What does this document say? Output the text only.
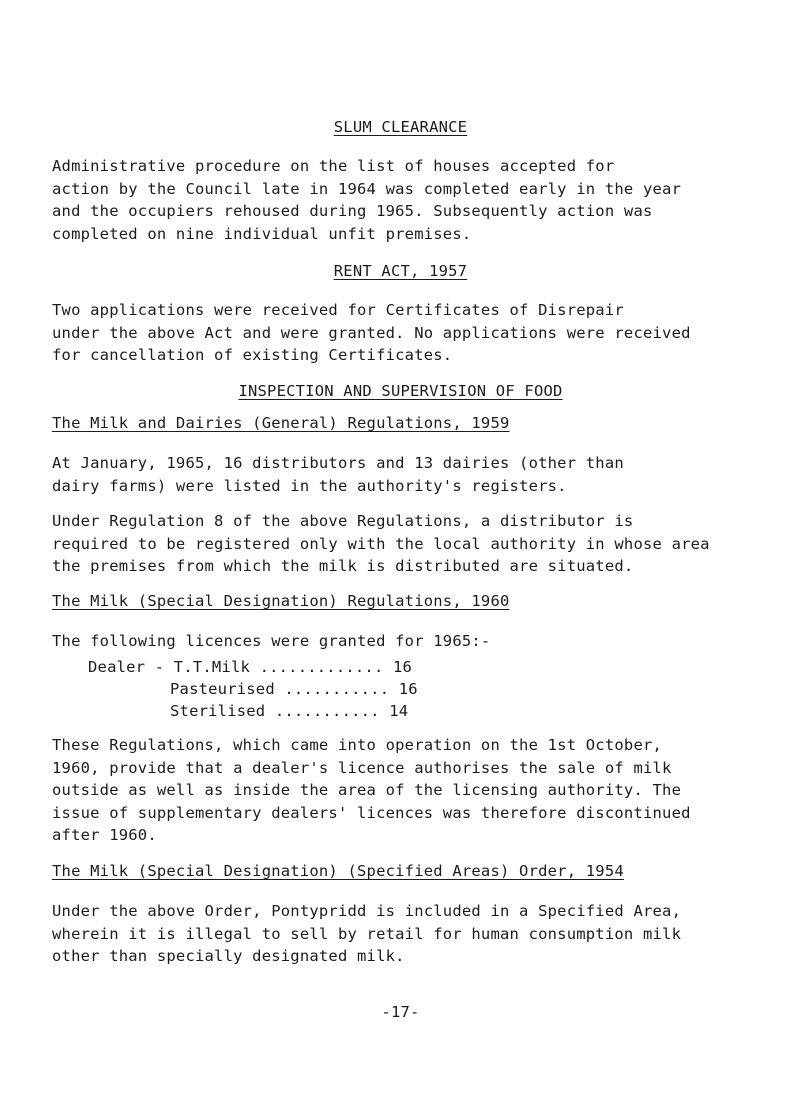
SLUM CLEARANCE
Administrative procedure on the list of houses accepted for
action by the Council late in 1964 was completed early in the year
and the occupiers rehoused during 1965. Subsequently action was
completed on nine individual unfit premises.
RENT ACT, 1957
Two applications were received for Certificates of Disrepair
under the above Act and were granted. No applications were received
for cancellation of existing Certificates.
INSPECTION AND SUPERVISION OF FOOD
The Milk and Dairies (General) Regulations, 1959
At January, 1965, 16 distributors and 13 dairies (other than
dairy farms) were listed in the authority's registers.
Under Regulation 8 of the above Regulations, a distributor is
required to be registered only with the local authority in whose area
the premises from which the milk is distributed are situated.
The Milk (Special Designation) Regulations, 1960
The following licences were granted for 1965:-
Dealer - T.T.Milk ............. 16
Pasteurised ........... 16
Sterilised ........... 14
These Regulations, which came into operation on the 1st October,
1960, provide that a dealer's licence authorises the sale of milk
outside as well as inside the area of the licensing authority. The
issue of supplementary dealers' licences was therefore discontinued
after 1960.
The Milk (Special Designation) (Specified Areas) Order, 1954
Under the above Order, Pontypridd is included in a Specified Area,
wherein it is illegal to sell by retail for human consumption milk
other than specially designated milk.
-17-
